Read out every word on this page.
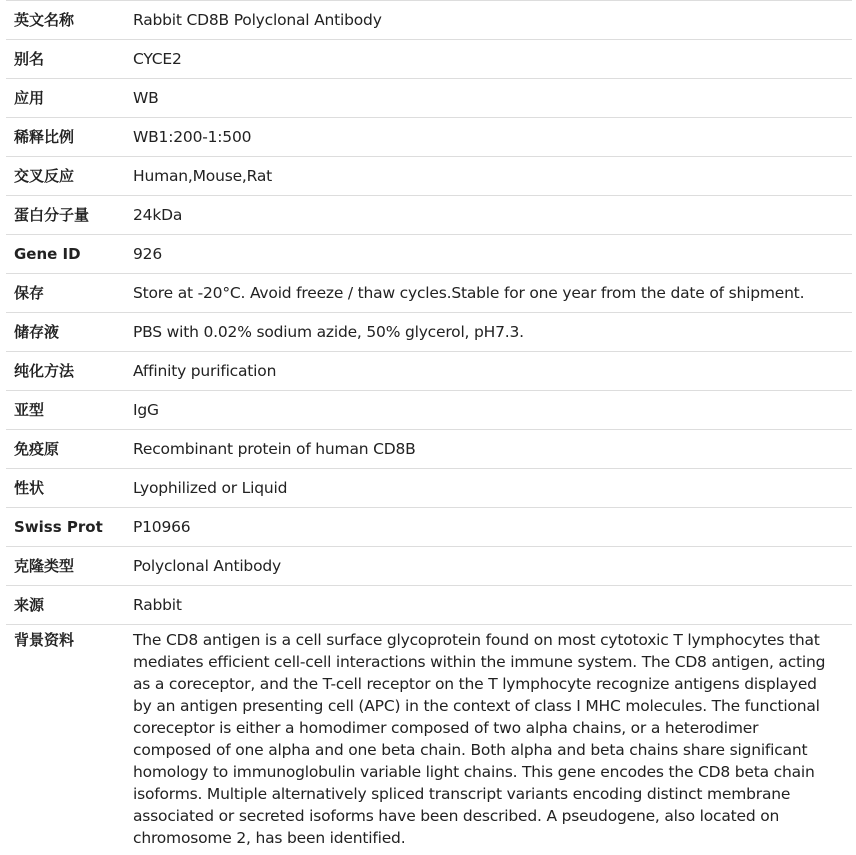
英文名称	Rabbit CD8B Polyclonal Antibody
别名	CYCE2
应用	WB
稀释比例	WB1:200-1:500
交叉反应	Human,Mouse,Rat
蛋白分子量	24kDa
Gene ID	926
保存	Store at -20°C. Avoid freeze / thaw cycles.Stable for one year from the date of shipment.
储存液	PBS with 0.02% sodium azide, 50% glycerol, pH7.3.
纯化方法	Affinity purification
亚型	IgG
免疫原	Recombinant protein of human CD8B
性状	Lyophilized or Liquid
Swiss Prot	P10966
克隆类型	Polyclonal Antibody
来源	Rabbit
背景资料	The CD8 antigen is a cell surface glycoprotein found on most cytotoxic T lymphocytes that mediates efficient cell-cell interactions within the immune system. The CD8 antigen, acting as a coreceptor, and the T-cell receptor on the T lymphocyte recognize antigens displayed by an antigen presenting cell (APC) in the context of class I MHC molecules. The functional coreceptor is either a homodimer composed of two alpha chains, or a heterodimer composed of one alpha and one beta chain. Both alpha and beta chains share significant homology to immunoglobulin variable light chains. This gene encodes the CD8 beta chain isoforms. Multiple alternatively spliced transcript variants encoding distinct membrane associated or secreted isoforms have been described. A pseudogene, also located on chromosome 2, has been identified.
